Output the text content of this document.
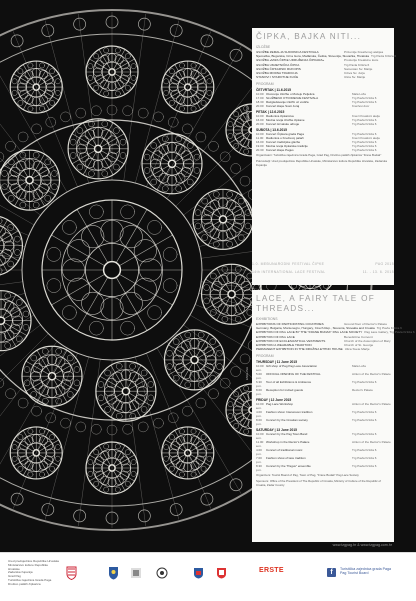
HRVATSKI
ENGLISH
ČIPKA, BAJKA NITI...
IZLOŽBE
IZLOŽBE ZEMALJA SUDIONICA FESTIVALA	Prizemlje Kreativnog atelijea
Njemačka, Bugarska, Crna Gora, Mađarska, Češka, Slovenija, Slovačka, Hrvatska Trg Pavla Kršića 6
IZLOŽBA «MIZA ČIPKE UDRUŽENJA ČIPKARA»	Prostorije Kreativne kuće
IZLOŽBA UMJETNIČKA ČIPKA	Trg Pavla Kršića 6
IZLOŽBA ČIPKARSKI RUKOPIS	Samostan Sv. Marije
IZLOŽBA MODNA TRADICIJA	Crkva Sv. Jurja
STANOVI I STAROTIJE KUĆE	Ulica Sv. Marije
PROGRAM
ČETVRTAK | 11.6.2015
10.00 Otvorenje izložbe u Muzeju Pelješca	Mala Loža
17.00 SLUŽBENO OTVORENJE FESTIVALA	Trg Pavla Kršića 6
18.30 Razgledavanje izložbi uz vodiča	Trg Pavla Kršića 6
20.00 Koncert klape Sveti Juraj	Kneževi dvor
PETAK | 12.6.2015
10.00 Radionica čipkarstva	Knezi Kreativni atelje
16.00 Modna revija izložbe čipkane	Trg Pavla Kršića 6
20.00 Koncert Hrvatske udruge	Trg Pavla Kršića 6
SUBOTA | 13.6.2015
10.00 Koncert Čipkara grada Paga	Trg Pavla Kršića 6
11.00 Radionica u Kneževoj palači	Knezi Kreativni atelje
16.00 Koncert tradicijske glazbe	Trg Pavla Kršića 6
19.00 Modna revija čipkarske tradicije	Trg Pavla Kršića 6
20.30 Koncert klape Pagus	Trg Pavla Kršića 6
Organizatori: Turistička zajednica Grada Paga, Grad Pag, Društvo paških čipkarica "Frane Budak"
Pokrovitelji: Ured predsjednice Republike Hrvatske, Ministarstvo kulture Republike Hrvatske, Zadarska županija
1.0. MEĐUNARODNI FESTIVAL ČIPKE	PAG 2015
14th INTERNATIONAL LACE FESTIVAL	11. - 13. 6. 2015
LACE, A FAIRY TALE OF THREADS...
EXHIBITIONS
EXHIBITIONS OF PARTICIPATING COUNTRIES	Ground floor of Rector's Palace
Germany, Bulgaria, Montenegro, Hungary, Czech Rep., Slovenia, Slovakia and Croatia Trg Pavla Kršića 6
EXHIBITION OF PAG LACE BY THE "FRANE BUDAK" PAG LACE SOCIETY Pag Lace Gallery, Trg Pavla Kršića 6
EXHIBITION OF PAG LACE	Benedictine Convent
EXHIBITION OF ECCLESIASTICAL VESTMENTS	Church of the Assumption of Mary
EXHIBITION A WEARABLE TRADITION	Church of St. George
PERMANENT EXHIBITION IN THE DRUŽINA ETHNO HOUSE Ulica Svete Marije
PROGRAM
THURSDAY | 11 June 2015
10.00 a.m.
Gift shop of Pag Pag Lace Association	Mala Loža
5.00 p.m.
OFFICIAL OPENING OF THE FESTIVAL	Atrium of the Rector's Palace
6.30 p.m.
Tour of all Exhibitions & Ambience	Trg Pavla Kršića 6
8.00 p.m.
Reception for invited guests	Rector's Palace
FRIDAY | 12 June 2015
10.00 a.m.
Pag Lace Workshop	Atrium of the Rector's Palace
4.00 p.m.
Fashion show: Interwoven tradition	Trg Pavla Kršića 6
8.00 p.m.
Concert by the Croatian society	Trg Pavla Kršića 6
SATURDAY | 13 June 2015
10.00 a.m.
Concert by the Pag Town Band	Trg Pavla Kršića 6
11.00 a.m.
Workshop in the Rector's Palace	Atrium of the Rector's Palace
4.00 p.m.
Concert of traditional music	Trg Pavla Kršića 6
7.00 p.m.
Fashion show of lace tradition	Trg Pavla Kršića 6
8.30 p.m.
Concert by the "Pagus" ensemble	Trg Pavla Kršića 6
Organizers: Tourist Board of Pag, Town of Pag, "Frane Budak" Pag Lace Society
Sponsors: Office of the President of The Republic of Croatia, Ministry of Culture of the Republic of Croatia, Zadar County
www.tzgpag.hr & www.tzgpag.com.hr
Ured predsjednice Republike Hrvatske
Ministarstvo kulture Republike Hrvatske
Zadarska županija
Grad Pag
Turistička zajednica Grada Paga
Društvo paških čipkarica
ERSTE	f	Turistička zajednica grada Paga
Pag Tourist Board
